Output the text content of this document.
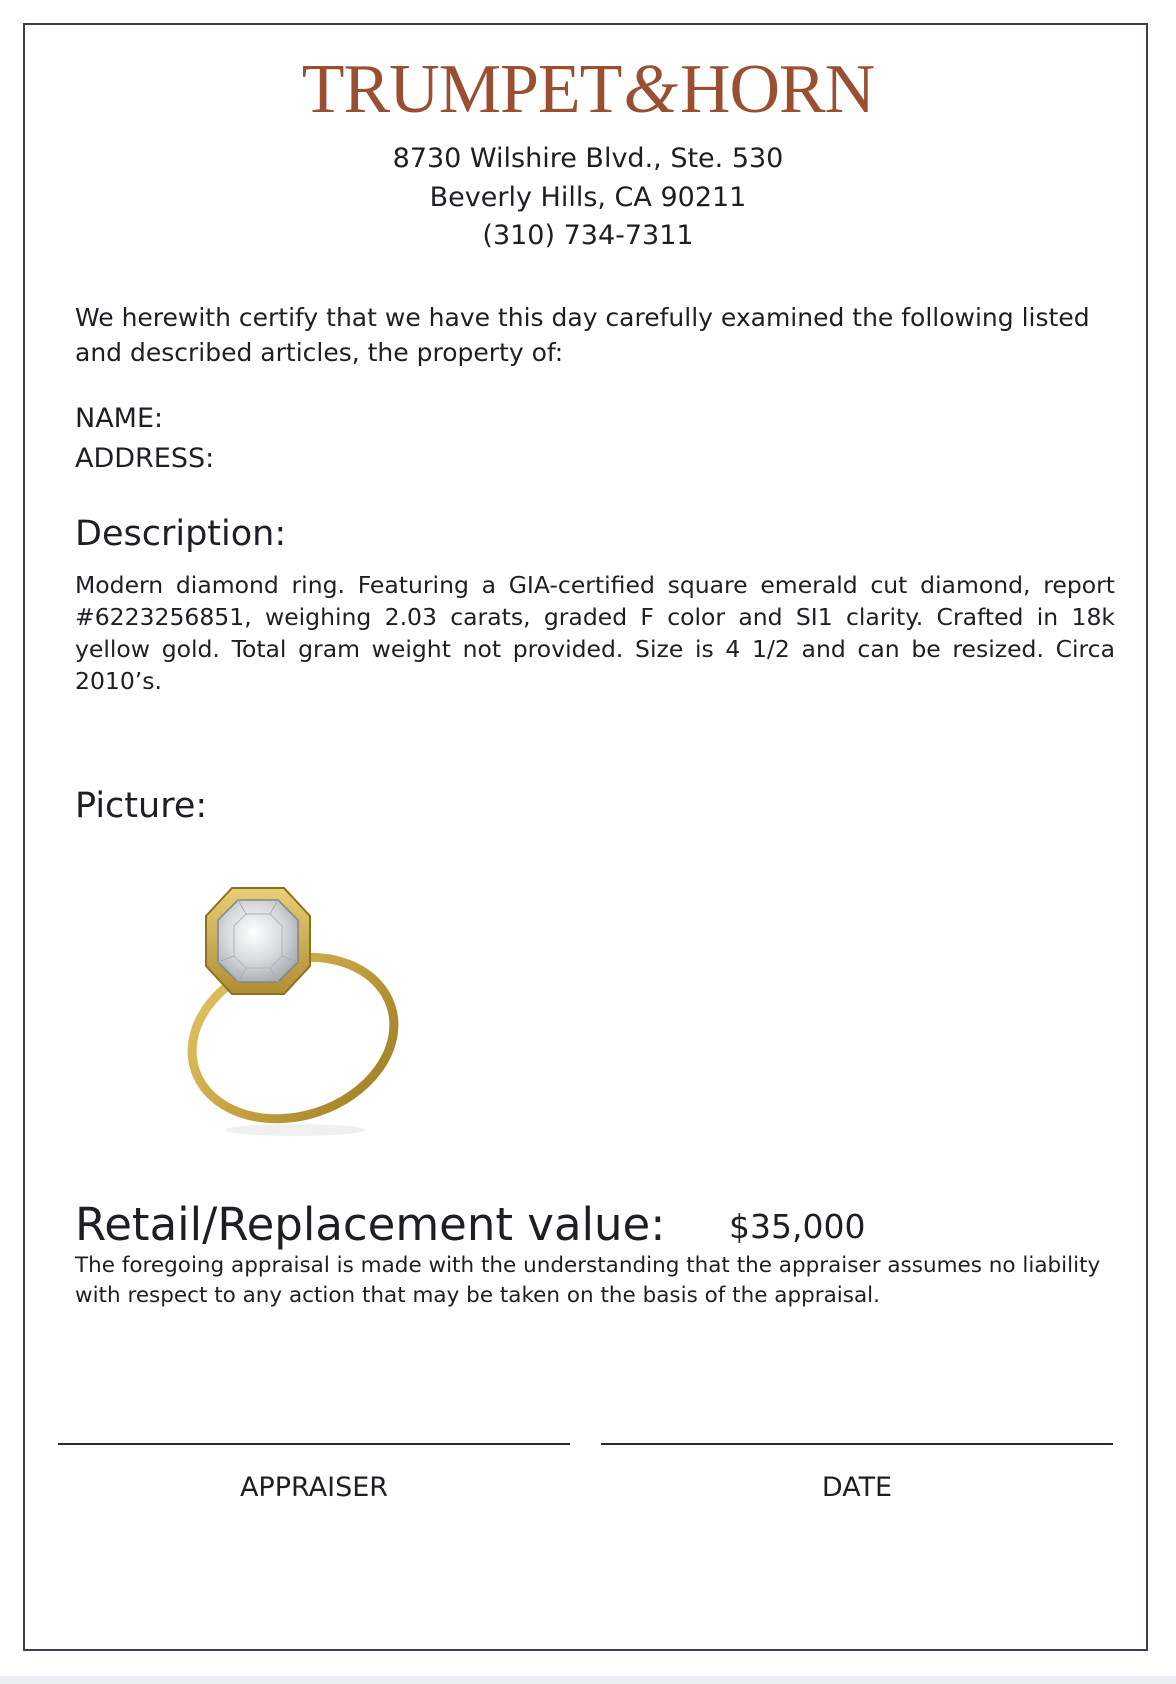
TRUMPET&HORN
8730 Wilshire Blvd., Ste. 530
Beverly Hills, CA 90211
(310) 734-7311
We herewith certify that we have this day carefully examined the following listed and described articles, the property of:
NAME:
ADDRESS:
Description:
Modern diamond ring. Featuring a GIA-certified square emerald cut diamond, report #6223256851, weighing 2.03 carats, graded F color and SI1 clarity. Crafted in 18k yellow gold. Total gram weight not provided. Size is 4 1/2 and can be resized. Circa 2010’s.
Picture:
Retail/Replacement value: $35,000
The foregoing appraisal is made with the understanding that the appraiser assumes no liability with respect to any action that may be taken on the basis of the appraisal.
APPRAISER	DATE
